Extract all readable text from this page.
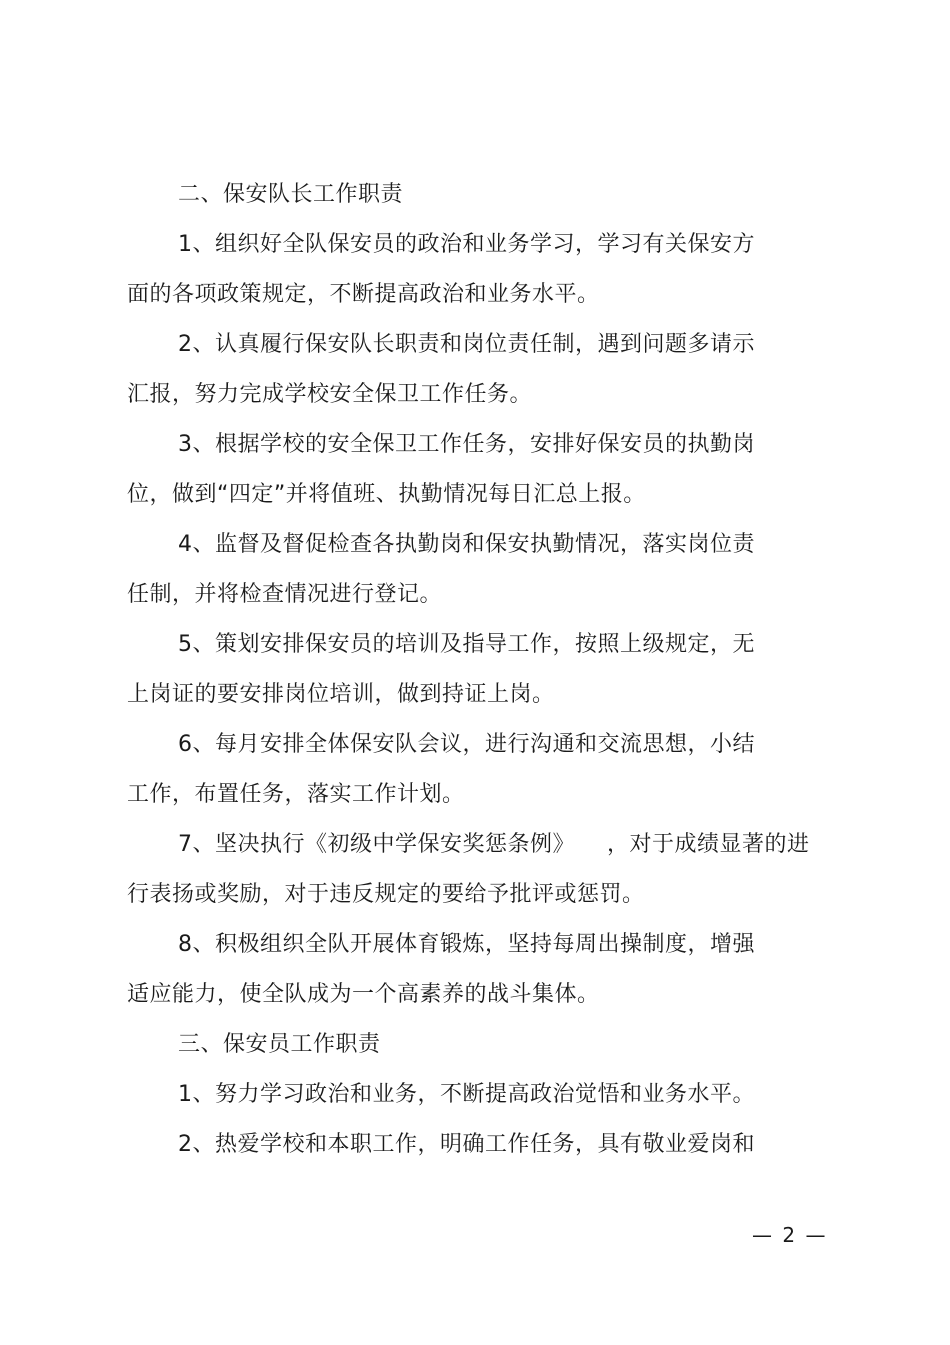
二、保安队长工作职责
1、组织好全队保安员的政治和业务学习，学习有关保安方
面的各项政策规定，不断提高政治和业务水平。
2、认真履行保安队长职责和岗位责任制，遇到问题多请示
汇报，努力完成学校安全保卫工作任务。
3、根据学校的安全保卫工作任务，安排好保安员的执勤岗
位，做到“四定”并将值班、执勤情况每日汇总上报。
4、监督及督促检查各执勤岗和保安执勤情况，落实岗位责
任制，并将检查情况进行登记。
5、策划安排保安员的培训及指导工作，按照上级规定，无
上岗证的要安排岗位培训，做到持证上岗。
6、每月安排全体保安队会议，进行沟通和交流思想，小结
工作，布置任务，落实工作计划。
7、坚决执行《初级中学保安奖惩条例》 ，对于成绩显著的进
行表扬或奖励，对于违反规定的要给予批评或惩罚。
8、积极组织全队开展体育锻炼，坚持每周出操制度，增强
适应能力，使全队成为一个高素养的战斗集体。
三、保安员工作职责
1、努力学习政治和业务，不断提高政治觉悟和业务水平。
2、热爱学校和本职工作，明确工作任务，具有敬业爱岗和
— 2 —
